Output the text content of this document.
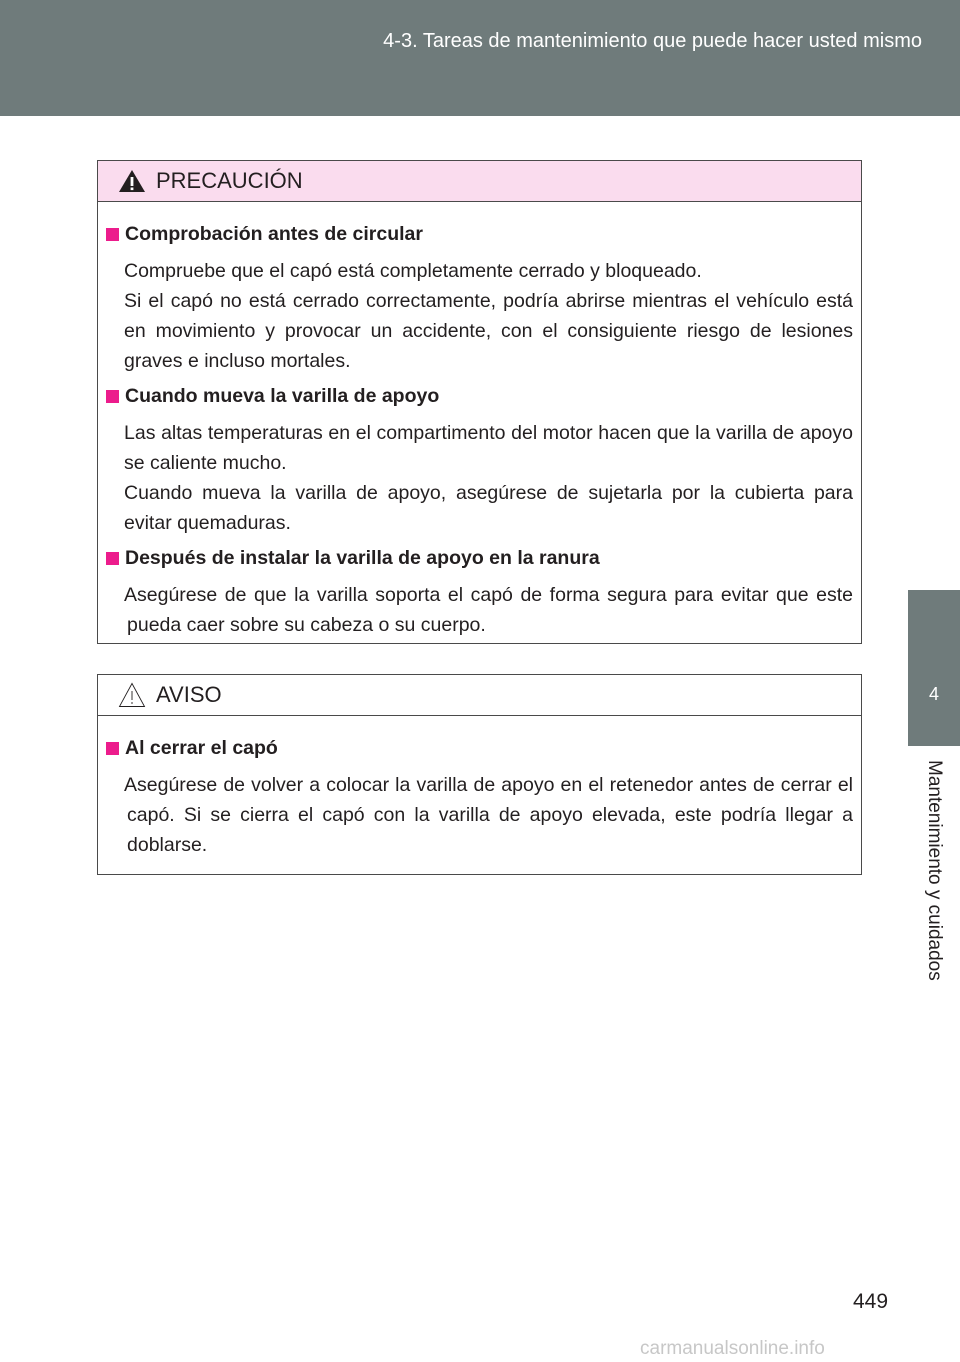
4-3. Tareas de mantenimiento que puede hacer usted mismo
4
Mantenimiento y cuidados
PRECAUCIÓN
Comprobación antes de circular

Compruebe que el capó está completamente cerrado y bloqueado.

Si el capó no está cerrado correctamente, podría abrirse mientras el vehículo está en movimiento y provocar un accidente, con el consiguiente riesgo de lesiones graves e incluso mortales.

Cuando mueva la varilla de apoyo

Las altas temperaturas en el compartimento del motor hacen que la varilla de apoyo se caliente mucho.

Cuando mueva la varilla de apoyo, asegúrese de sujetarla por la cubierta para evitar quemaduras.

Después de instalar la varilla de apoyo en la ranura

Asegúrese de que la varilla soporta el capó de forma segura para evitar que este pueda caer sobre su cabeza o su cuerpo.

AVISO
Al cerrar el capó

Asegúrese de volver a colocar la varilla de apoyo en el retenedor antes de cerrar el capó. Si se cierra el capó con la varilla de apoyo elevada, este podría llegar a doblarse.

449
carmanualsonline.info
